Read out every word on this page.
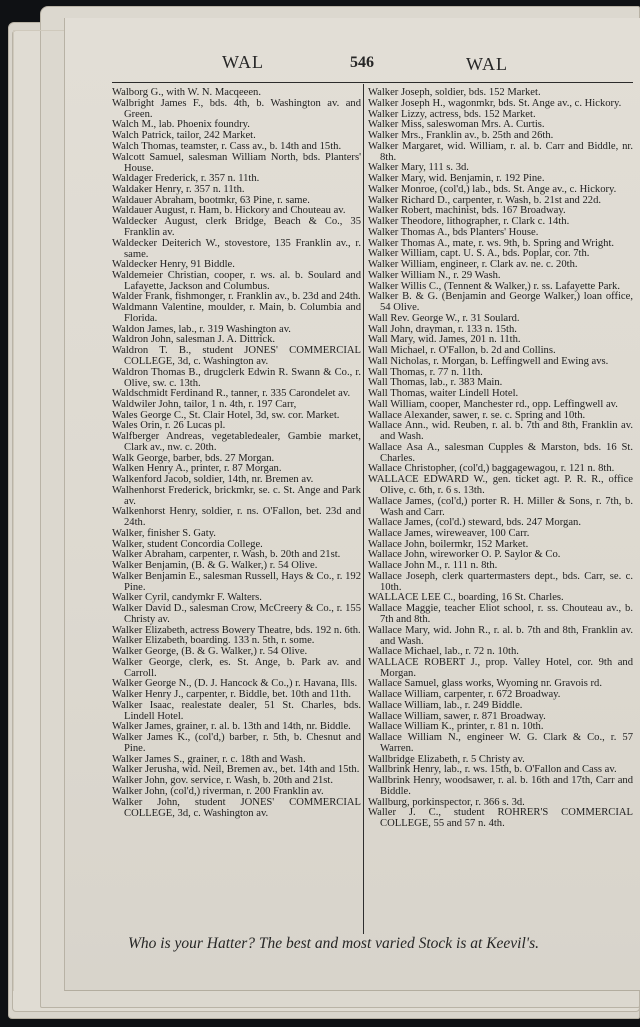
WAL	546	WAL

Walborg G., with W. N. Macqeeen.

Walbright James F., bds. 4th, b. Washington av. and Green.

Walch M., lab. Phoenix foundry.

Walch Patrick, tailor, 242 Market.

Walch Thomas, teamster, r. Cass av., b. 14th and 15th.

Walcott Samuel, salesman William North, bds. Planters' House.

Waldager Frederick, r. 357 n. 11th.

Waldaker Henry, r. 357 n. 11th.

Waldauer Abraham, bootmkr, 63 Pine, r. same.

Waldauer August, r. Ham, b. Hickory and Chouteau av.

Waldecker August, clerk Bridge, Beach & Co., 35 Franklin av.

Waldecker Deiterich W., stovestore, 135 Franklin av., r. same.

Waldecker Henry, 91 Biddle.

Waldemeier Christian, cooper, r. ws. al. b. Soulard and Lafayette, Jackson and Columbus.

Walder Frank, fishmonger, r. Franklin av., b. 23d and 24th.

Waldmann Valentine, moulder, r. Main, b. Columbia and Florida.

Waldon James, lab., r. 319 Washington av.

Waldron John, salesman J. A. Dittrick.

Waldron T. B., student JONES' COMMERCIAL COLLEGE, 3d, c. Washington av.

Waldron Thomas B., drugclerk Edwin R. Swann & Co., r. Olive, sw. c. 13th.

Waldschmidt Ferdinand R., tanner, r. 335 Carondelet av.

Waldwiler John, tailor, 1 n. 4th, r. 197 Carr,

Wales George C., St. Clair Hotel, 3d, sw. cor. Market.

Wales Orin, r. 26 Lucas pl.

Walfberger Andreas, vegetabledealer, Gambie market, Clark av., nw. c. 20th.

Walk George, barber, bds. 27 Morgan.

Walken Henry A., printer, r. 87 Morgan.

Walkenford Jacob, soldier, 14th, nr. Bremen av.

Walhenhorst Frederick, brickmkr, se. c. St. Ange and Park av.

Walkenhorst Henry, soldier, r. ns. O'Fallon, bet. 23d and 24th.

Walker, finisher S. Gaty.

Walker, student Concordia College.

Walker Abraham, carpenter, r. Wash, b. 20th and 21st.

Walker Benjamin, (B. & G. Walker,) r. 54 Olive.

Walker Benjamin E., salesman Russell, Hays & Co., r. 192 Pine.

Walker Cyril, candymkr F. Walters.

Walker David D., salesman Crow, McCreery & Co., r. 155 Christy av.

Walker Elizabeth, actress Bowery Theatre, bds. 192 n. 6th.

Walker Elizabeth, boarding. 133 n. 5th, r. some.

Walker George, (B. & G. Walker,) r. 54 Olive.

Walker George, clerk, es. St. Ange, b. Park av. and Carroll.

Walker George N., (D. J. Hancock & Co.,) r. Havana, Ills.

Walker Henry J., carpenter, r. Biddle, bet. 10th and 11th.

Walker Isaac, realestate dealer, 51 St. Charles, bds. Lindell Hotel.

Walker James, grainer, r. al. b. 13th and 14th, nr. Biddle.

Walker James K., (col'd,) barber, r. 5th, b. Chesnut and Pine.

Walker James S., grainer, r. c. 18th and Wash.

Walker Jerusha, wid. Neil, Bremen av., bet. 14th and 15th.

Walker John, gov. service, r. Wash, b. 20th and 21st.

Walker John, (col'd,) riverman, r. 200 Franklin av.

Walker John, student JONES' COMMERCIAL COLLEGE, 3d, c. Washington av.

Walker Joseph, soldier, bds. 152 Market.

Walker Joseph H., wagonmkr, bds. St. Ange av., c. Hickory.

Walker Lizzy, actress, bds. 152 Market.

Walker Miss, saleswoman Mrs. A. Curtis.

Walker Mrs., Franklin av., b. 25th and 26th.

Walker Margaret, wid. William, r. al. b. Carr and Biddle, nr. 8th.

Walker Mary, 111 s. 3d.

Walker Mary, wid. Benjamin, r. 192 Pine.

Walker Monroe, (col'd,) lab., bds. St. Ange av., c. Hickory.

Walker Richard D., carpenter, r. Wash, b. 21st and 22d.

Walker Robert, machinist, bds. 167 Broadway.

Walker Theodore, lithographer, r. Clark c. 14th.

Walker Thomas A., bds Planters' House.

Walker Thomas A., mate, r. ws. 9th, b. Spring and Wright.

Walker William, capt. U. S. A., bds. Poplar, cor. 7th.

Walker William, engineer, r. Clark av. ne. c. 20th.

Walker William N., r. 29 Wash.

Walker Willis C., (Tennent & Walker,) r. ss. Lafayette Park.

Walker B. & G. (Benjamin and George Walker,) loan office, 54 Olive.

Wall Rev. George W., r. 31 Soulard.

Wall John, drayman, r. 133 n. 15th.

Wall Mary, wid. James, 201 n. 11th.

Wall Michael, r. O'Fallon, b. 2d and Collins.

Wall Nicholas, r. Morgan, b. Leffingwell and Ewing avs.

Wall Thomas, r. 77 n. 11th.

Wall Thomas, lab., r. 383 Main.

Wall Thomas, waiter Lindell Hotel.

Wall William, cooper, Manchester rd., opp. Leffingwell av.

Wallace Alexander, sawer, r. se. c. Spring and 10th.

Wallace Ann., wid. Reuben, r. al. b. 7th and 8th, Franklin av. and Wash.

Wallace Asa A., salesman Cupples & Marston, bds. 16 St. Charles.

Wallace Christopher, (col'd,) baggagewagou, r. 121 n. 8th.

WALLACE EDWARD W., gen. ticket agt. P. R. R., office Olive, c. 6th, r. 6 s. 13th.

Wallace James, (col'd,) porter R. H. Miller & Sons, r. 7th, b. Wash and Carr.

Wallace James, (col'd.) steward, bds. 247 Morgan.

Wallace James, wireweaver, 100 Carr.

Wallace John, boilermkr, 152 Market.

Wallace John, wireworker O. P. Saylor & Co.

Wallace John M., r. 111 n. 8th.

Wallace Joseph, clerk quartermasters dept., bds. Carr, se. c. 10th.

WALLACE LEE C., boarding, 16 St. Charles.

Wallace Maggie, teacher Eliot school, r. ss. Chouteau av., b. 7th and 8th.

Wallace Mary, wid. John R., r. al. b. 7th and 8th, Franklin av. and Wash.

Wallace Michael, lab., r. 72 n. 10th.

WALLACE ROBERT J., prop. Valley Hotel, cor. 9th and Morgan.

Wallace Samuel, glass works, Wyoming nr. Gravois rd.

Wallace William, carpenter, r. 672 Broadway.

Wallace William, lab., r. 249 Biddle.

Wallace William, sawer, r. 871 Broadway.

Wallace William K., printer, r. 81 n. 10th.

Wallace William N., engineer W. G. Clark & Co., r. 57 Warren.

Wallbridge Elizabeth, r. 5 Christy av.

Wallbrink Henry, lab., r. ws. 15th, b. O'Fallon and Cass av.

Wallbrink Henry, woodsawer, r. al. b. 16th and 17th, Carr and Biddle.

Wallburg, porkinspector, r. 366 s. 3d.

Waller J. C., student ROHRER'S COMMERCIAL COLLEGE, 55 and 57 n. 4th.

Who is your Hatter? The best and most varied Stock is at Keevil's.
